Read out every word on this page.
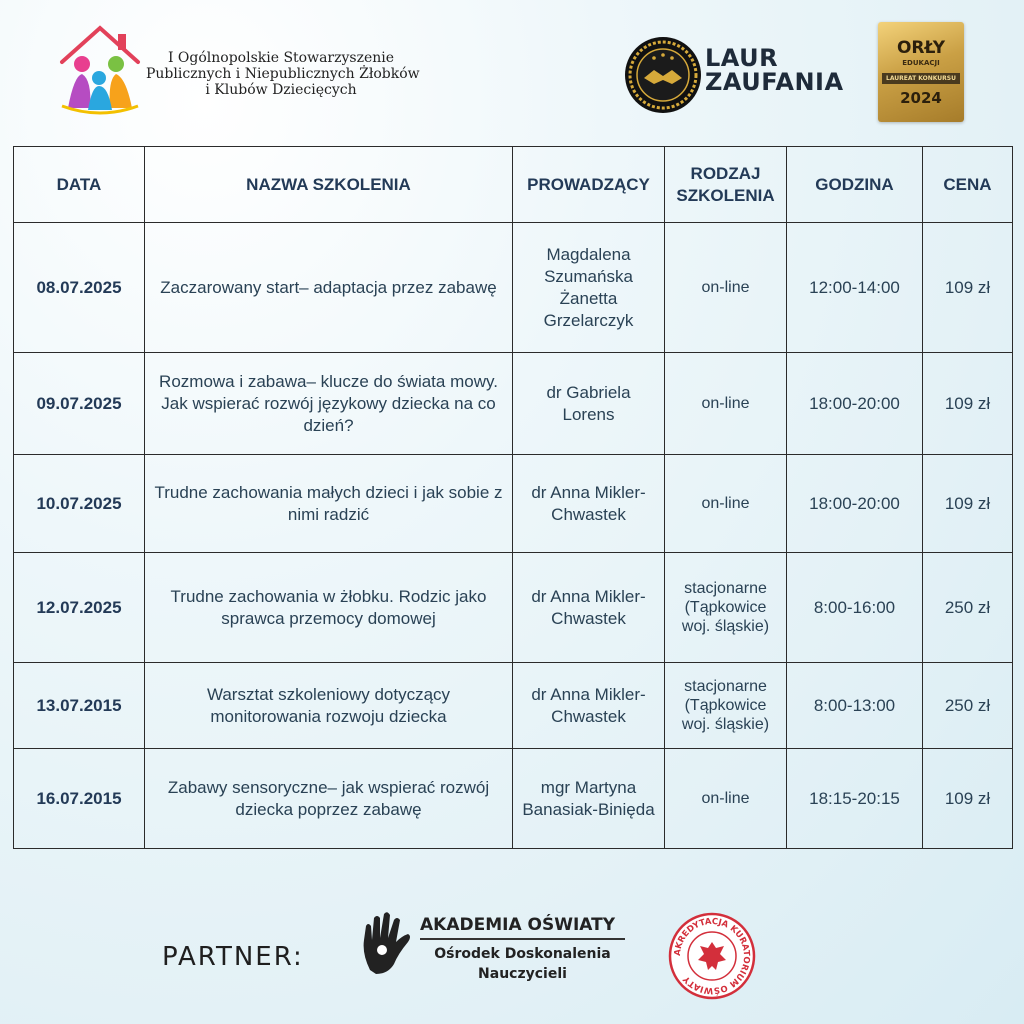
I Ogólnopolskie Stowarzyszenie
Publicznych i Niepublicznych Żłobków
i Klubów Dziecięcych
LAUR
ZAUFANIA
ORŁY
EDUKACJI
LAUREAT KONKURSU
2024
DATA	NAZWA SZKOLENIA	PROWADZĄCY	RODZAJ SZKOLENIA	GODZINA	CENA
08.07.2025	Zaczarowany start– adaptacja przez zabawę	Magdalena Szumańska Żanetta Grzelarczyk	on-line	12:00-14:00	109 zł
09.07.2025	Rozmowa i zabawa– klucze do świata mowy. Jak wspierać rozwój językowy dziecka na co dzień?	dr Gabriela Lorens	on-line	18:00-20:00	109 zł
10.07.2025	Trudne zachowania małych dzieci i jak sobie z nimi radzić	dr Anna Mikler-Chwastek	on-line	18:00-20:00	109 zł
12.07.2025	Trudne zachowania w żłobku. Rodzic jako sprawca przemocy domowej	dr Anna Mikler-Chwastek	stacjonarne (Tąpkowice woj. śląskie)	8:00-16:00	250 zł
13.07.2015	Warsztat szkoleniowy dotyczący monitorowania rozwoju dziecka	dr Anna Mikler-Chwastek	stacjonarne (Tąpkowice woj. śląskie)	8:00-13:00	250 zł
16.07.2015	Zabawy sensoryczne– jak wspierać rozwój dziecka poprzez zabawę	mgr Martyna Banasiak-Binięda	on-line	18:15-20:15	109 zł
PARTNER:
AKADEMIA OŚWIATY
Ośrodek Doskonalenia
Nauczycieli
AKREDYTACJA KURATORIUM OŚWIATY
